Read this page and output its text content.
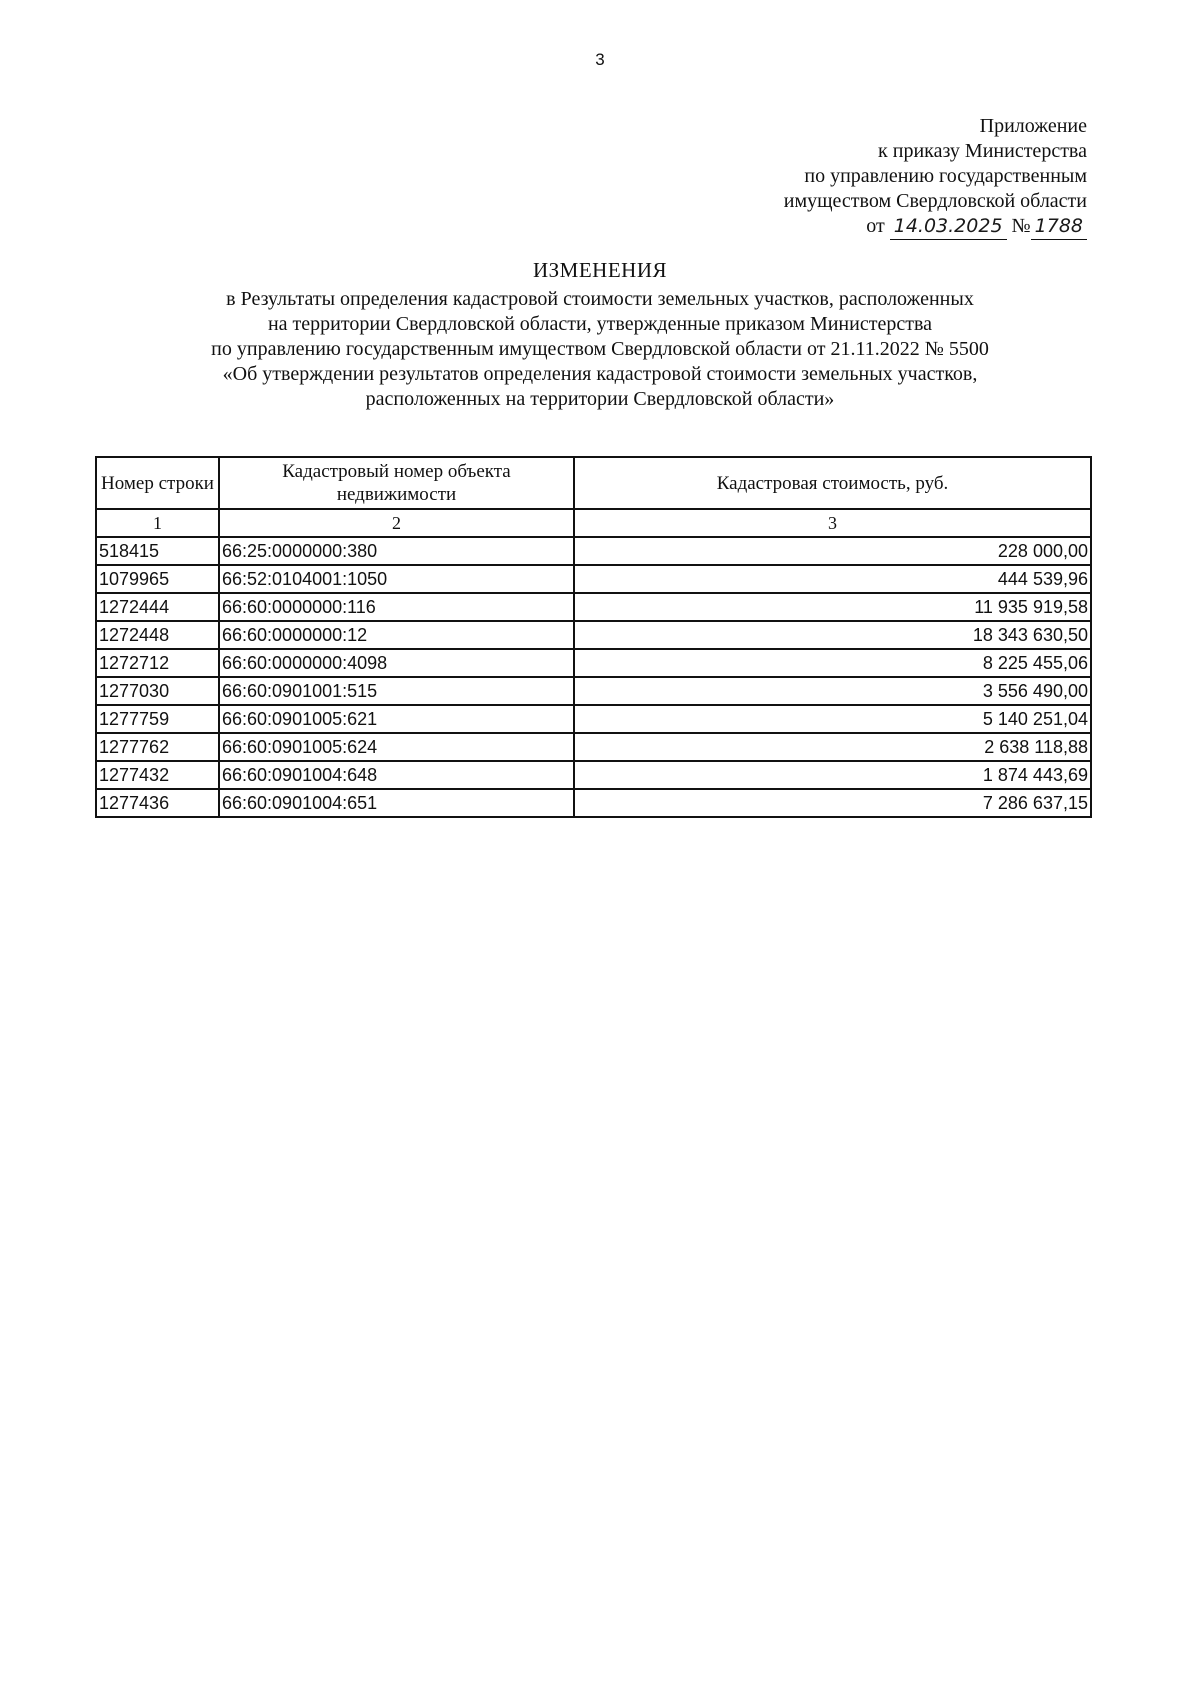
3
Приложение
к приказу Министерства
по управлению государственным
имуществом Свердловской области
от 14.03.2025 № 1788
ИЗМЕНЕНИЯ
в Результаты определения кадастровой стоимости земельных участков, расположенных
на территории Свердловской области, утвержденные приказом Министерства
по управлению государственным имуществом Свердловской области от 21.11.2022 № 5500
«Об утверждении результатов определения кадастровой стоимости земельных участков,
расположенных на территории Свердловской области»
Номер строки	Кадастровый номер объекта недвижимости	Кадастровая стоимость, руб.
1	2	3
518415	66:25:0000000:380	228 000,00
1079965	66:52:0104001:1050	444 539,96
1272444	66:60:0000000:116	11 935 919,58
1272448	66:60:0000000:12	18 343 630,50
1272712	66:60:0000000:4098	8 225 455,06
1277030	66:60:0901001:515	3 556 490,00
1277759	66:60:0901005:621	5 140 251,04
1277762	66:60:0901005:624	2 638 118,88
1277432	66:60:0901004:648	1 874 443,69
1277436	66:60:0901004:651	7 286 637,15
